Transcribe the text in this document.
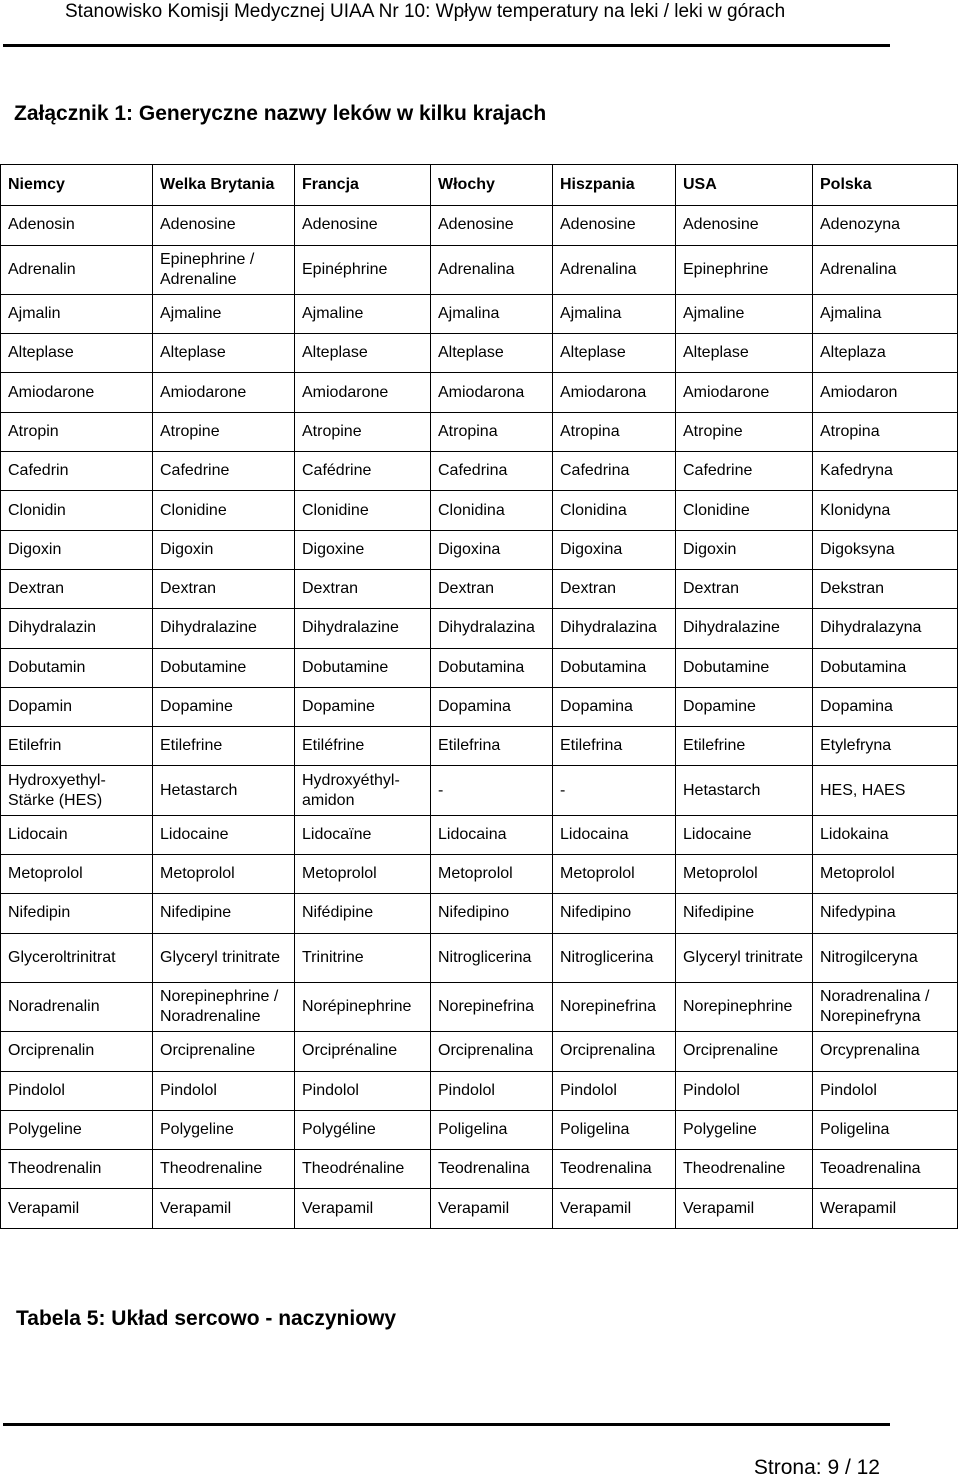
Stanowisko Komisji Medycznej UIAA Nr 10: Wpływ temperatury na leki / leki w górach
Załącznik 1: Generyczne nazwy leków w kilku krajach
Niemcy	Welka Brytania	Francja	Włochy	Hiszpania	USA	Polska
Adenosin	Adenosine	Adenosine	Adenosine	Adenosine	Adenosine	Adenozyna
Adrenalin	Epinephrine / Adrenaline	Epinéphrine	Adrenalina	Adrenalina	Epinephrine	Adrenalina
Ajmalin	Ajmaline	Ajmaline	Ajmalina	Ajmalina	Ajmaline	Ajmalina
Alteplase	Alteplase	Alteplase	Alteplase	Alteplase	Alteplase	Alteplaza
Amiodarone	Amiodarone	Amiodarone	Amiodarona	Amiodarona	Amiodarone	Amiodaron
Atropin	Atropine	Atropine	Atropina	Atropina	Atropine	Atropina
Cafedrin	Cafedrine	Cafédrine	Cafedrina	Cafedrina	Cafedrine	Kafedryna
Clonidin	Clonidine	Clonidine	Clonidina	Clonidina	Clonidine	Klonidyna
Digoxin	Digoxin	Digoxine	Digoxina	Digoxina	Digoxin	Digoksyna
Dextran	Dextran	Dextran	Dextran	Dextran	Dextran	Dekstran
Dihydralazin	Dihydralazine	Dihydralazine	Dihydralazina	Dihydralazina	Dihydralazine	Dihydralazyna
Dobutamin	Dobutamine	Dobutamine	Dobutamina	Dobutamina	Dobutamine	Dobutamina
Dopamin	Dopamine	Dopamine	Dopamina	Dopamina	Dopamine	Dopamina
Etilefrin	Etilefrine	Etiléfrine	Etilefrina	Etilefrina	Etilefrine	Etylefryna
Hydroxyethyl-Stärke (HES)	Hetastarch	Hydroxyéthyl-amidon	-	-	Hetastarch	HES, HAES
Lidocain	Lidocaine	Lidocaïne	Lidocaina	Lidocaina	Lidocaine	Lidokaina
Metoprolol	Metoprolol	Metoprolol	Metoprolol	Metoprolol	Metoprolol	Metoprolol
Nifedipin	Nifedipine	Nifédipine	Nifedipino	Nifedipino	Nifedipine	Nifedypina
Glyceroltrinitrat	Glyceryl trinitrate	Trinitrine	Nitroglicerina	Nitroglicerina	Glyceryl trinitrate	Nitrogilceryna
Noradrenalin	Norepinephrine / Noradrenaline	Norépinephrine	Norepinefrina	Norepinefrina	Norepinephrine	Noradrenalina / Norepinefryna
Orciprenalin	Orciprenaline	Orciprénaline	Orciprenalina	Orciprenalina	Orciprenaline	Orcyprenalina
Pindolol	Pindolol	Pindolol	Pindolol	Pindolol	Pindolol	Pindolol
Polygeline	Polygeline	Polygéline	Poligelina	Poligelina	Polygeline	Poligelina
Theodrenalin	Theodrenaline	Theodrénaline	Teodrenalina	Teodrenalina	Theodrenaline	Teoadrenalina
Verapamil	Verapamil	Verapamil	Verapamil	Verapamil	Verapamil	Werapamil
Tabela 5: Układ sercowo - naczyniowy
Strona: 9 / 12
